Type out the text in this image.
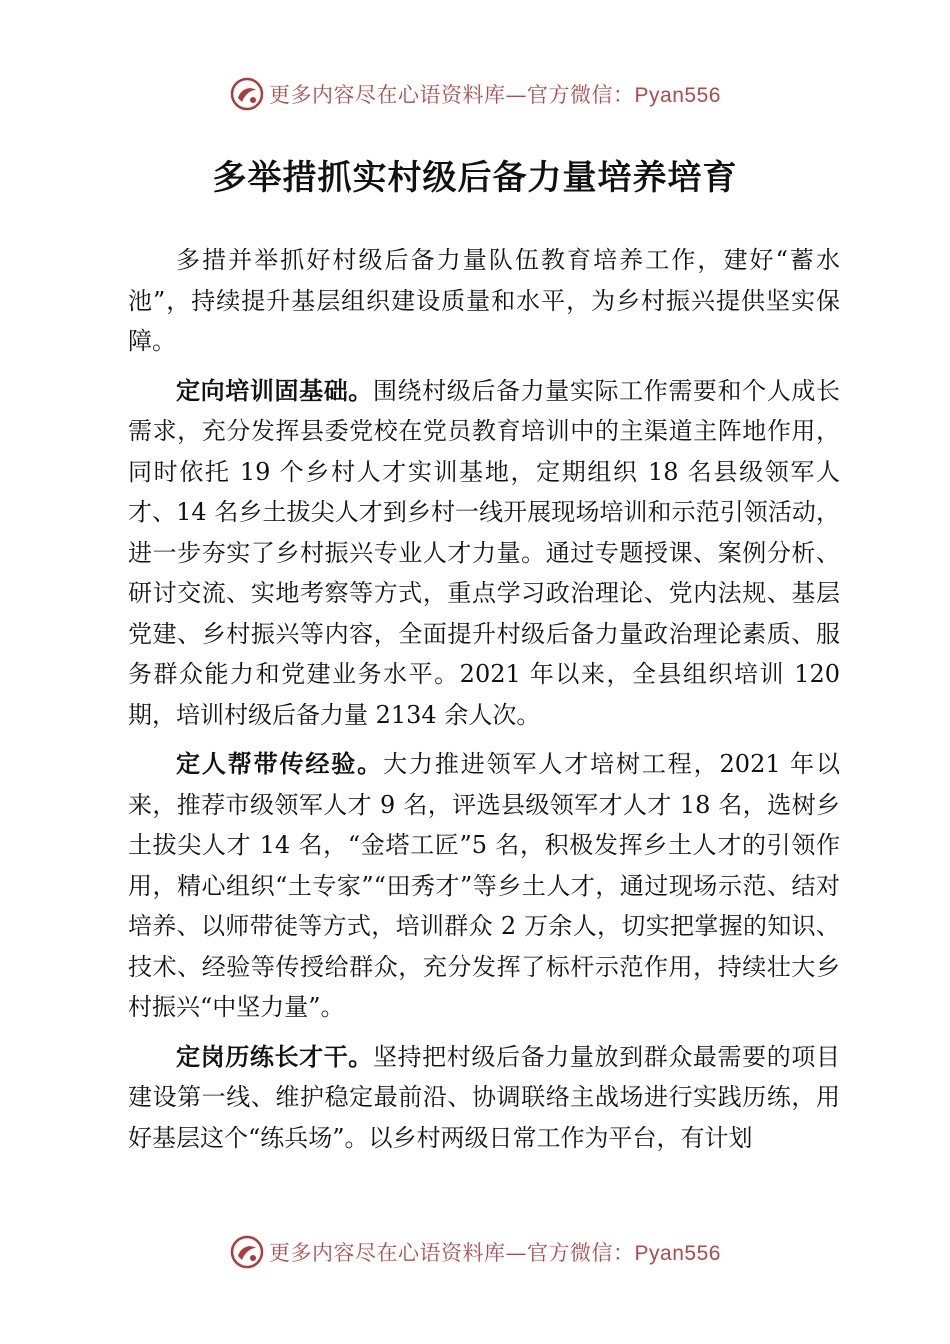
更多内容尽在心语资料库—官方微信：Pyan556
多举措抓实村级后备力量培养培育

多措并举抓好村级后备力量队伍教育培养工作，建好“蓄水池”，持续提升基层组织建设质量和水平，为乡村振兴提供坚实保障。

定向培训固基础。围绕村级后备力量实际工作需要和个人成长需求，充分发挥县委党校在党员教育培训中的主渠道主阵地作用，同时依托 19 个乡村人才实训基地，定期组织 18 名县级领军人才、14 名乡土拔尖人才到乡村一线开展现场培训和示范引领活动，进一步夯实了乡村振兴专业人才力量。通过专题授课、案例分析、研讨交流、实地考察等方式，重点学习政治理论、党内法规、基层党建、乡村振兴等内容，全面提升村级后备力量政治理论素质、服务群众能力和党建业务水平。2021 年以来，全县组织培训 120 期，培训村级后备力量 2134 余人次。

定人帮带传经验。大力推进领军人才培树工程，2021 年以来，推荐市级领军人才 9 名，评选县级领军才人才 18 名，选树乡土拔尖人才 14 名，“金塔工匠”5 名，积极发挥乡土人才的引领作用，精心组织“土专家”“田秀才”等乡土人才，通过现场示范、结对培养、以师带徒等方式，培训群众 2 万余人，切实把掌握的知识、技术、经验等传授给群众，充分发挥了标杆示范作用，持续壮大乡村振兴“中坚力量”。

定岗历练长才干。坚持把村级后备力量放到群众最需要的项目建设第一线、维护稳定最前沿、协调联络主战场进行实践历练，用好基层这个“练兵场”。以乡村两级日常工作为平台，有计划

更多内容尽在心语资料库—官方微信：Pyan556
